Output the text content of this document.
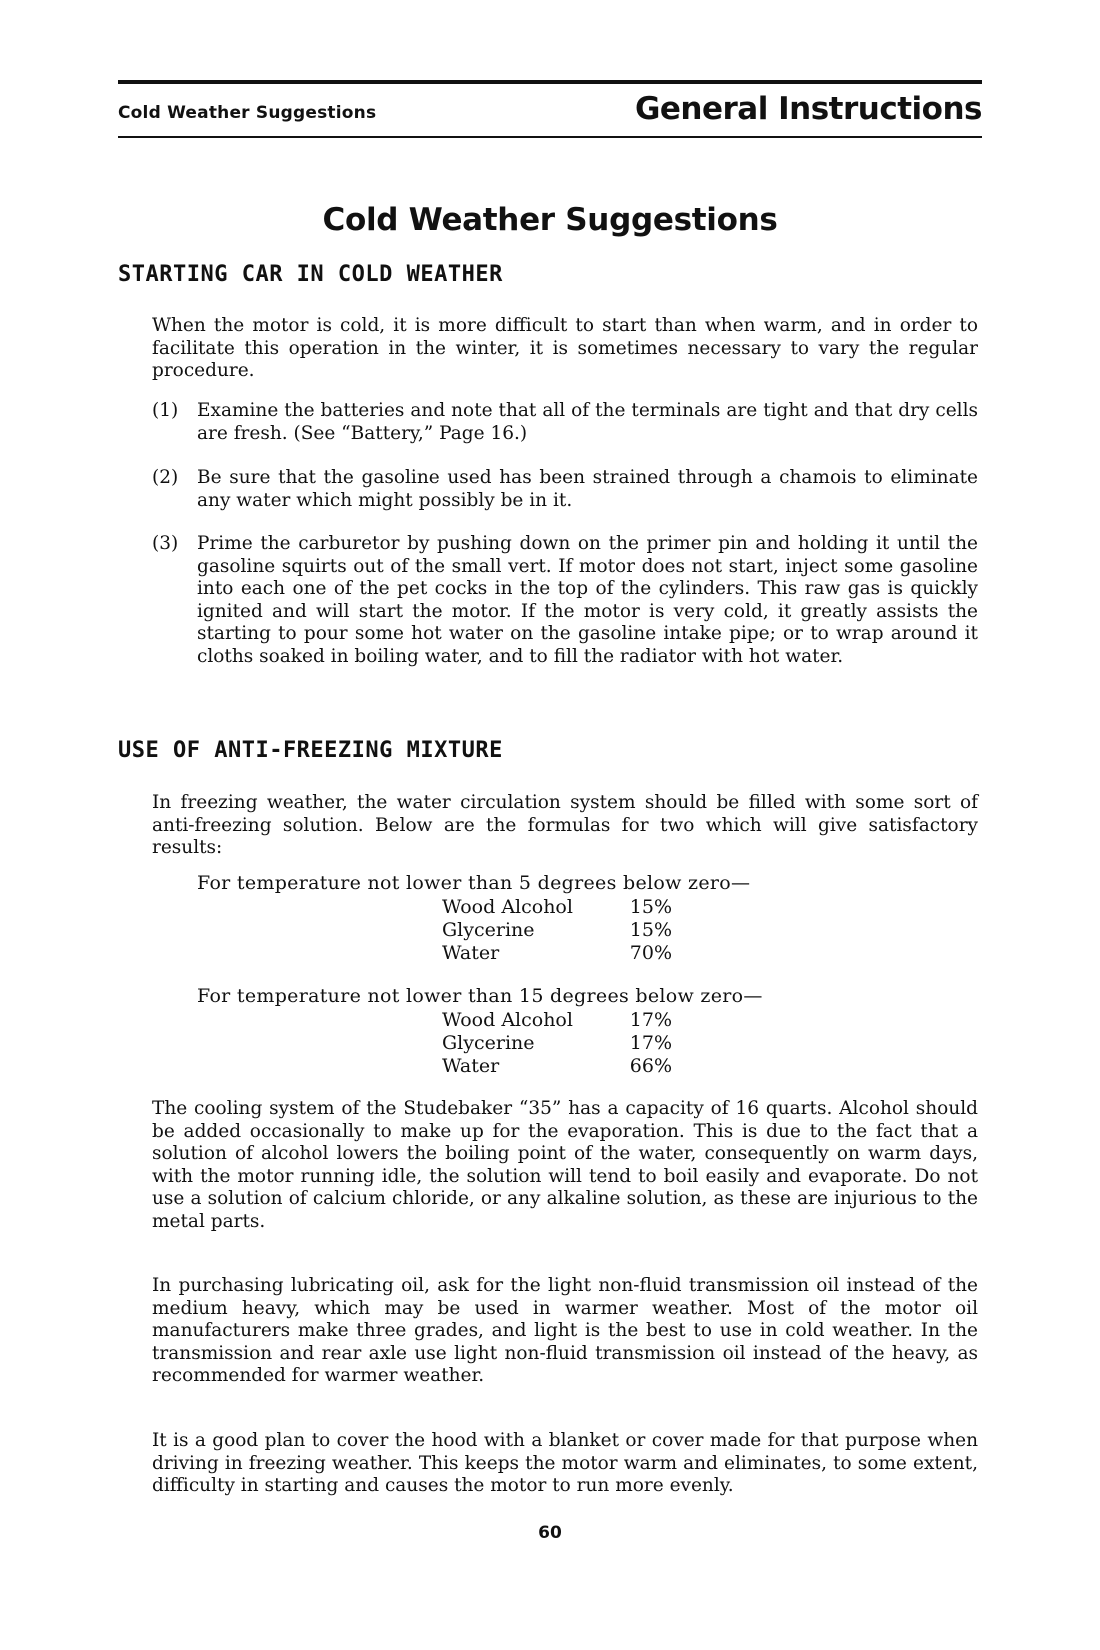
Cold Weather Suggestions	General Instructions
Cold Weather Suggestions
STARTING CAR IN COLD WEATHER

When the motor is cold, it is more difficult to start than when warm, and in order to facilitate this operation in the winter, it is sometimes necessary to vary the regular procedure.

(1) Examine the batteries and note that all of the terminals are tight and that dry cells are fresh. (See “Battery,” Page 16.)
(2) Be sure that the gasoline used has been strained through a chamois to eliminate any water which might possibly be in it.
(3) Prime the carburetor by pushing down on the primer pin and holding it until the gasoline squirts out of the small vert. If motor does not start, inject some gasoline into each one of the pet cocks in the top of the cylinders. This raw gas is quickly ignited and will start the motor. If the motor is very cold, it greatly assists the starting to pour some hot water on the gasoline intake pipe; or to wrap around it cloths soaked in boiling water, and to fill the radiator with hot water.
USE OF ANTI-FREEZING MIXTURE

In freezing weather, the water circulation system should be filled with some sort of anti-freezing solution. Below are the formulas for two which will give satisfactory results:

For temperature not lower than 5 degrees below zero—
Wood Alcohol	15%
Glycerine	15%
Water	70%
For temperature not lower than 15 degrees below zero—
Wood Alcohol	17%
Glycerine	17%
Water	66%

The cooling system of the Studebaker “35” has a capacity of 16 quarts. Alcohol should be added occasionally to make up for the evaporation. This is due to the fact that a solution of alcohol lowers the boiling point of the water, consequently on warm days, with the motor running idle, the solution will tend to boil easily and evaporate. Do not use a solution of calcium chloride, or any alkaline solution, as these are injurious to the metal parts.

In purchasing lubricating oil, ask for the light non-fluid transmission oil instead of the medium heavy, which may be used in warmer weather. Most of the motor oil manufacturers make three grades, and light is the best to use in cold weather. In the transmission and rear axle use light non-fluid transmission oil instead of the heavy, as recommended for warmer weather.

It is a good plan to cover the hood with a blanket or cover made for that purpose when driving in freezing weather. This keeps the motor warm and eliminates, to some extent, difficulty in starting and causes the motor to run more evenly.

60
